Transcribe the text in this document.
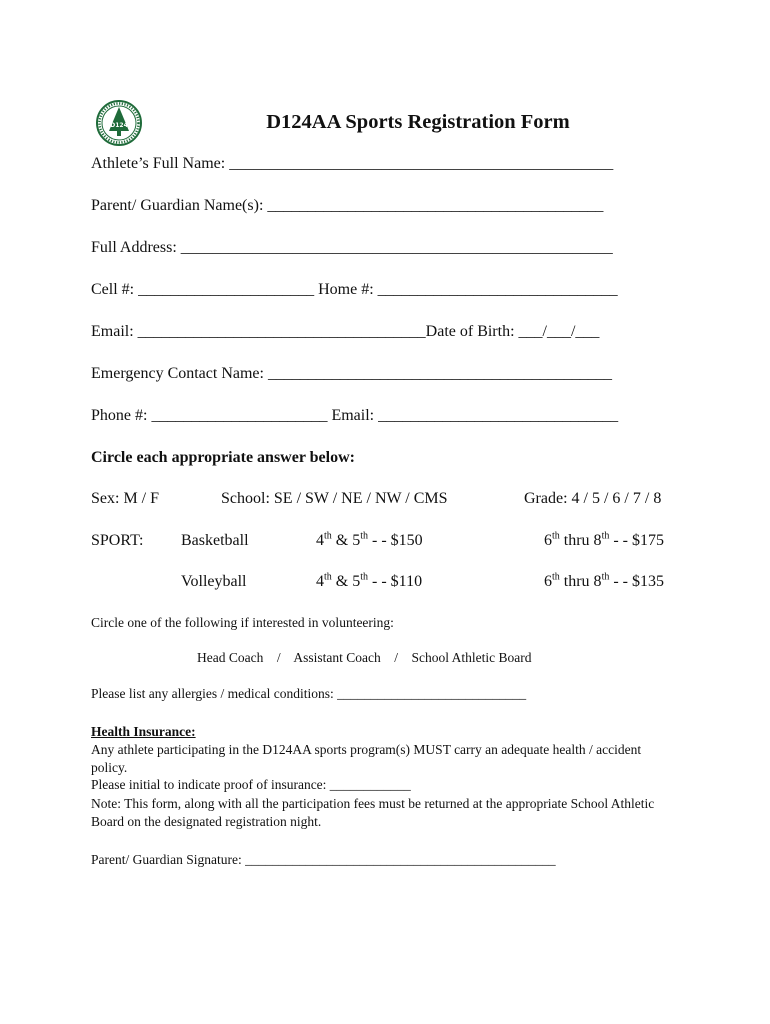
D124	D124AA Sports Registration Form
Athlete’s Full Name: ________________________________________________
Parent/ Guardian Name(s): __________________________________________
Full Address: ______________________________________________________
Cell #: ______________________ Home #: ______________________________
Email: ____________________________________Date of Birth: ___/___/___
Emergency Contact Name: ___________________________________________
Phone #: ______________________ Email: ______________________________
Circle each appropriate answer below:
Sex: M / F	School: SE / SW / NE / NW / CMS	Grade: 4 / 5 / 6 / 7 / 8
SPORT: Basketball	4th & 5th - - $150	6th thru 8th - - $175
Volleyball	4th & 5th - - $110	6th thru 8th - - $135
Circle one of the following if interested in volunteering:
Head Coach    /    Assistant Coach    /    School Athletic Board
Please list any allergies / medical conditions: ____________________________
Health Insurance:
Any athlete participating in the D124AA sports program(s) MUST carry an adequate health / accident policy.
Please initial to indicate proof of insurance: ____________
Note: This form, along with all the participation fees must be returned at the appropriate School Athletic Board on the designated registration night.
Parent/ Guardian Signature: ______________________________________________
